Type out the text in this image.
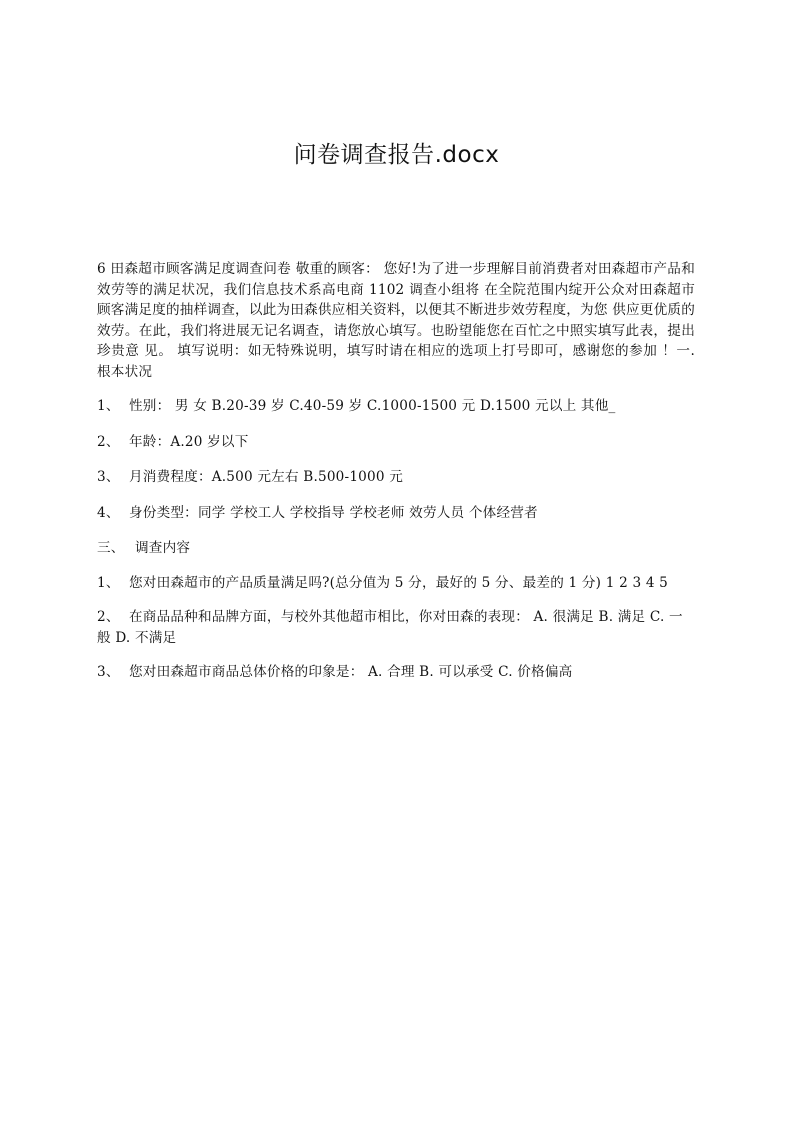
问卷调查报告.docx

6 田森超市顾客满足度调查问卷 敬重的顾客： 您好!为了进一步理解目前消费者对田森超市产品和效劳等的满足状况，我们信息技术系高电商 1102 调查小组将 在全院范围内绽开公众对田森超市顾客满足度的抽样调查，以此为田森供应相关资料，以便其不断进步效劳程度，为您 供应更优质的效劳。在此，我们将进展无记名调查，请您放心填写。也盼望能您在百忙之中照实填写此表，提出珍贵意 见。 填写说明：如无特殊说明，填写时请在相应的选项上打号即可，感谢您的参加 ！一. 根本状况

1、 性别： 男 女 B.20-39 岁 C.40-59 岁 C.1000-1500 元 D.1500 元以上 其他_

2、 年龄：A.20 岁以下

3、 月消费程度：A.500 元左右 B.500-1000 元

4、 身份类型：同学 学校工人 学校指导 学校老师 效劳人员 个体经营者

三、 调查内容

1、 您对田森超市的产品质量满足吗?(总分值为 5 分，最好的 5 分、最差的 1 分) 1 2 3 4 5

2、 在商品品种和品牌方面，与校外其他超市相比，你对田森的表现： A. 很满足 B. 满足 C. 一般 D. 不满足

3、 您对田森超市商品总体价格的印象是： A. 合理 B. 可以承受 C. 价格偏高
